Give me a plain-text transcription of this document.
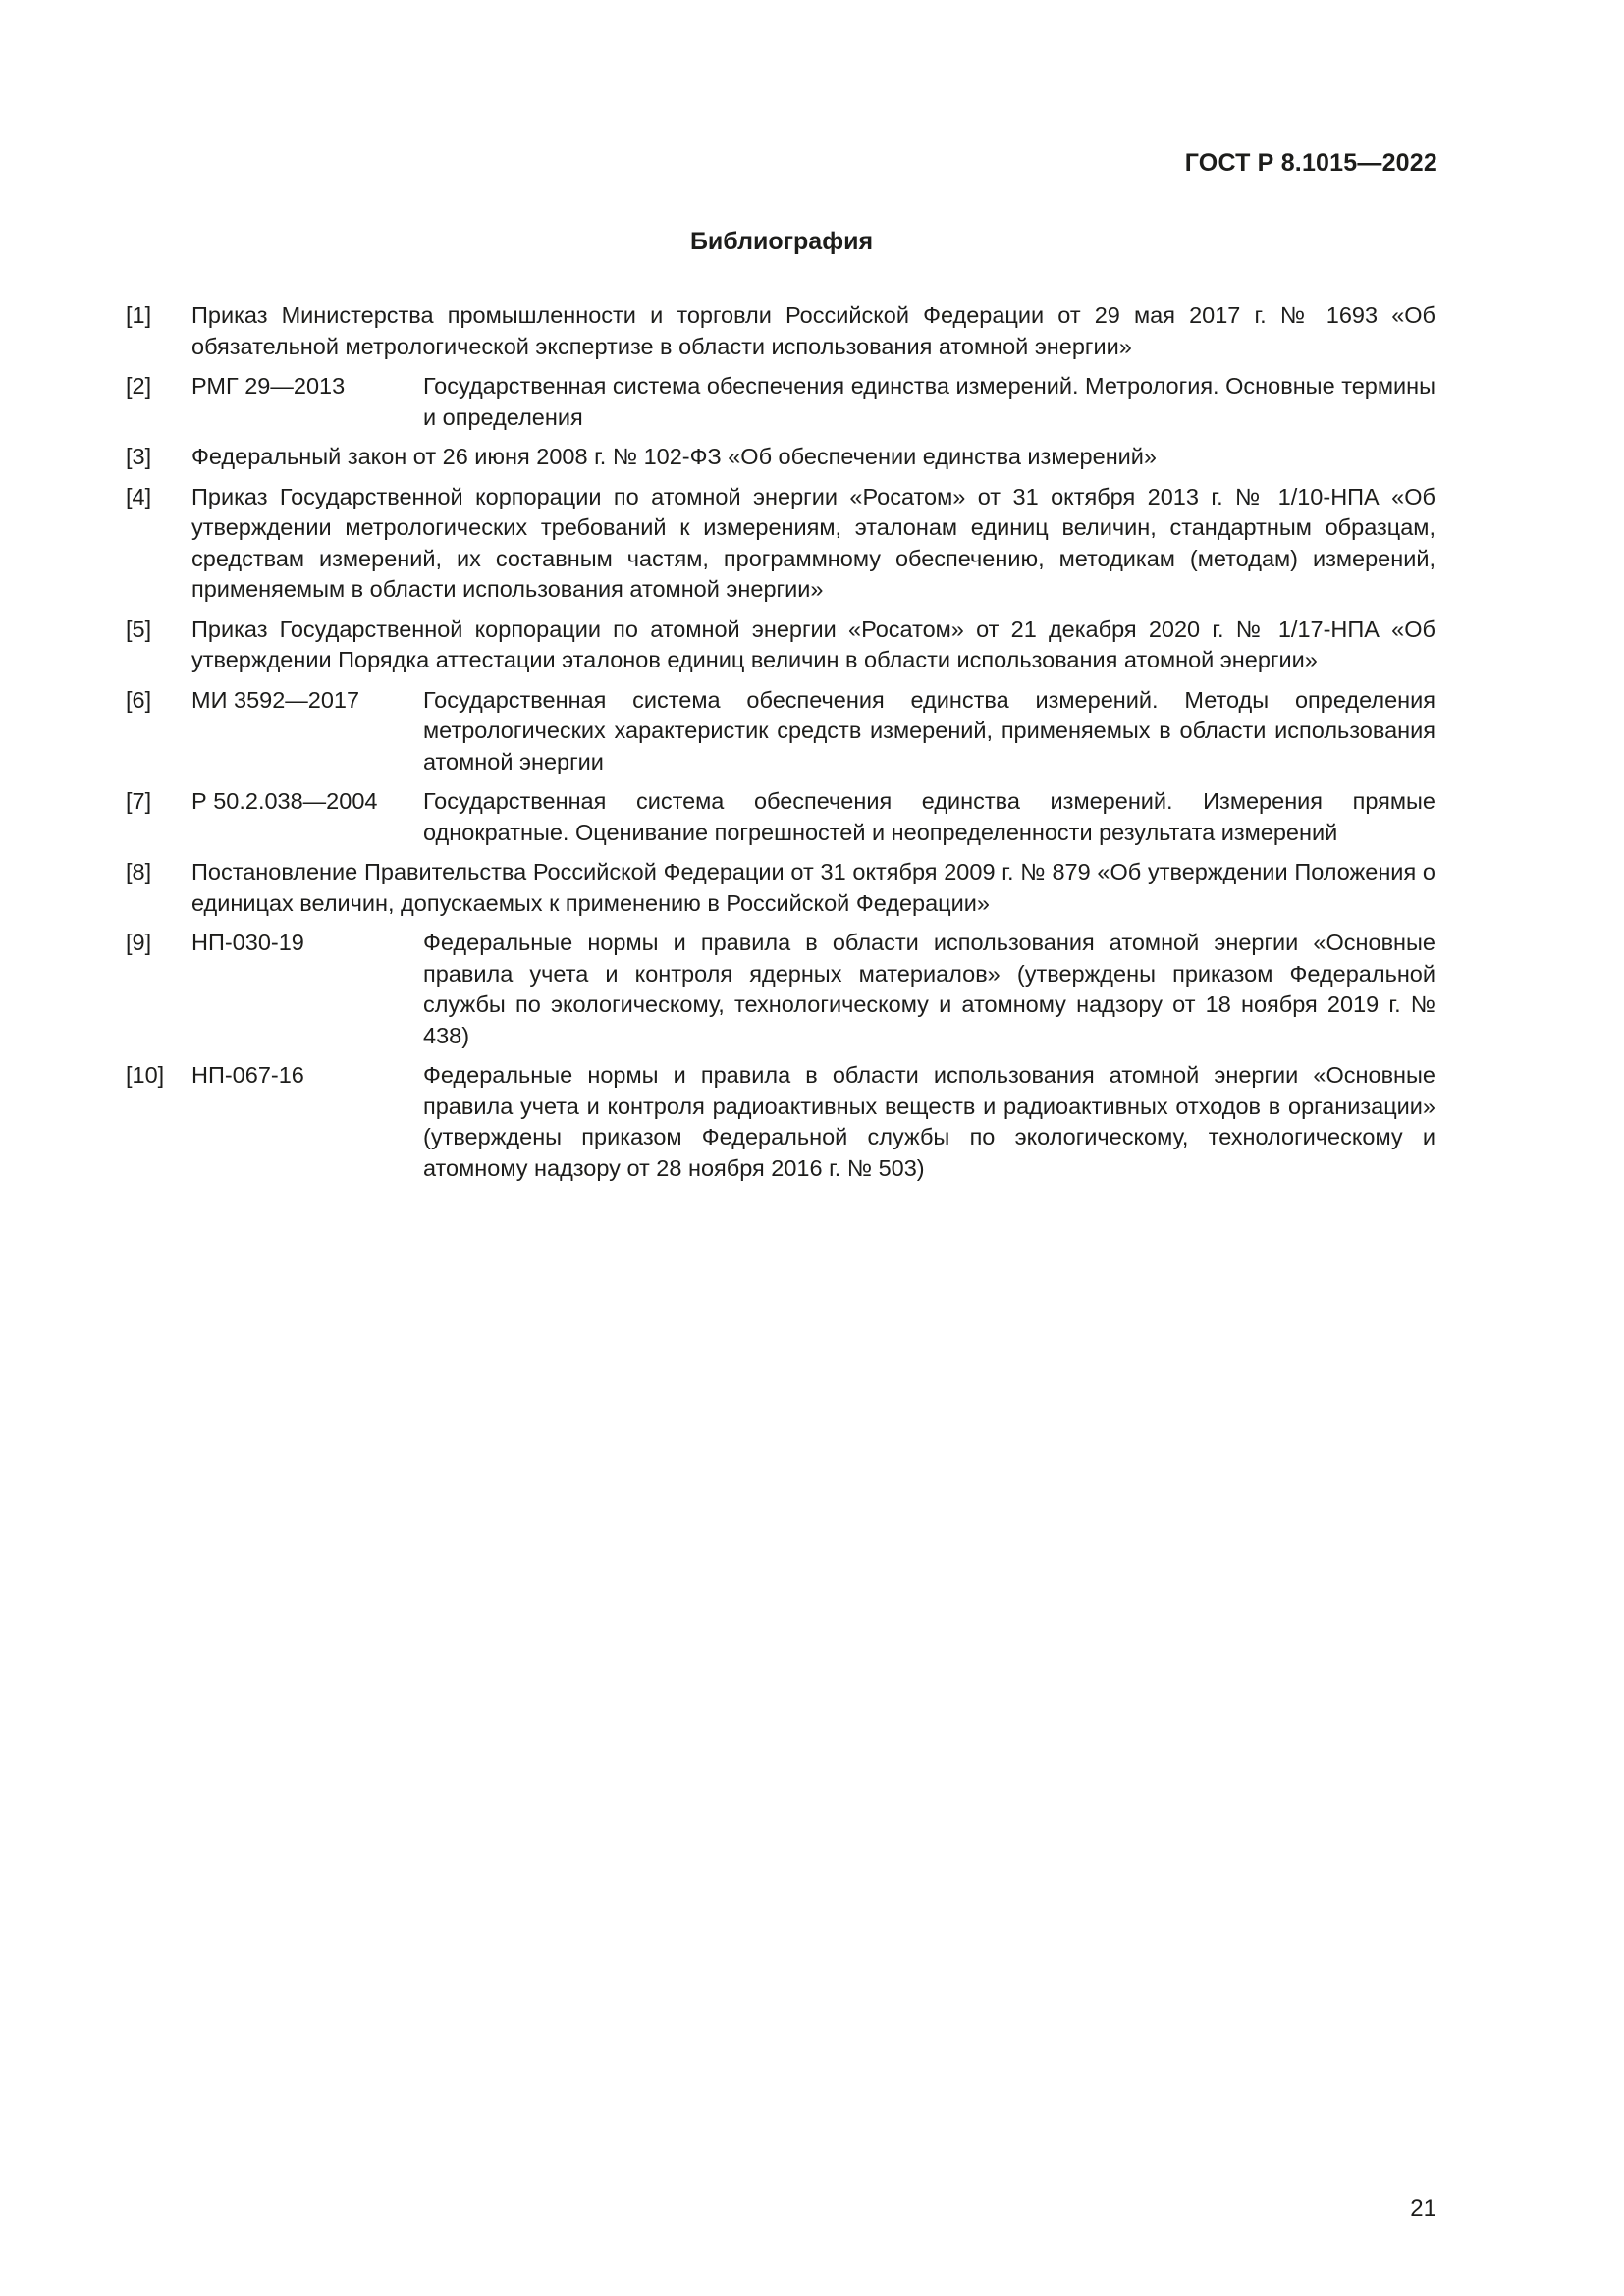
ГОСТ Р 8.1015—2022
Библиография
[1]	Приказ Министерства промышленности и торговли Российской Федерации от 29 мая 2017 г. № 1693 «Об обязательной метрологической экспертизе в области использования атомной энергии»
[2]	РМГ 29—2013	Государственная система обеспечения единства измерений. Метрология. Основные термины и определения
[3]	Федеральный закон от 26 июня 2008 г. № 102-ФЗ «Об обеспечении единства измерений»
[4]	Приказ Государственной корпорации по атомной энергии «Росатом» от 31 октября 2013 г. № 1/10-НПА «Об утверждении метрологических требований к измерениям, эталонам единиц величин, стандартным образцам, средствам измерений, их составным частям, программному обеспечению, методикам (методам) измерений, применяемым в области использования атомной энергии»
[5]	Приказ Государственной корпорации по атомной энергии «Росатом» от 21 декабря 2020 г. № 1/17-НПА «Об утверждении Порядка аттестации эталонов единиц величин в области использования атомной энергии»
[6]	МИ 3592—2017	Государственная система обеспечения единства измерений. Методы определения метрологических характеристик средств измерений, применяемых в области использования атомной энергии
[7]	Р 50.2.038—2004	Государственная система обеспечения единства измерений. Измерения прямые однократные. Оценивание погрешностей и неопределенности результата измерений
[8]	Постановление Правительства Российской Федерации от 31 октября 2009 г. № 879 «Об утверждении Положения о единицах величин, допускаемых к применению в Российской Федерации»
[9]	НП-030-19	Федеральные нормы и правила в области использования атомной энергии «Основные правила учета и контроля ядерных материалов» (утверждены приказом Федеральной службы по экологическому, технологическому и атомному надзору от 18 ноября 2019 г. № 438)
[10]	НП-067-16	Федеральные нормы и правила в области использования атомной энергии «Основные правила учета и контроля радиоактивных веществ и радиоактивных отходов в организации» (утверждены приказом Федеральной службы по экологическому, технологическому и атомному надзору от 28 ноября 2016 г. № 503)
21
